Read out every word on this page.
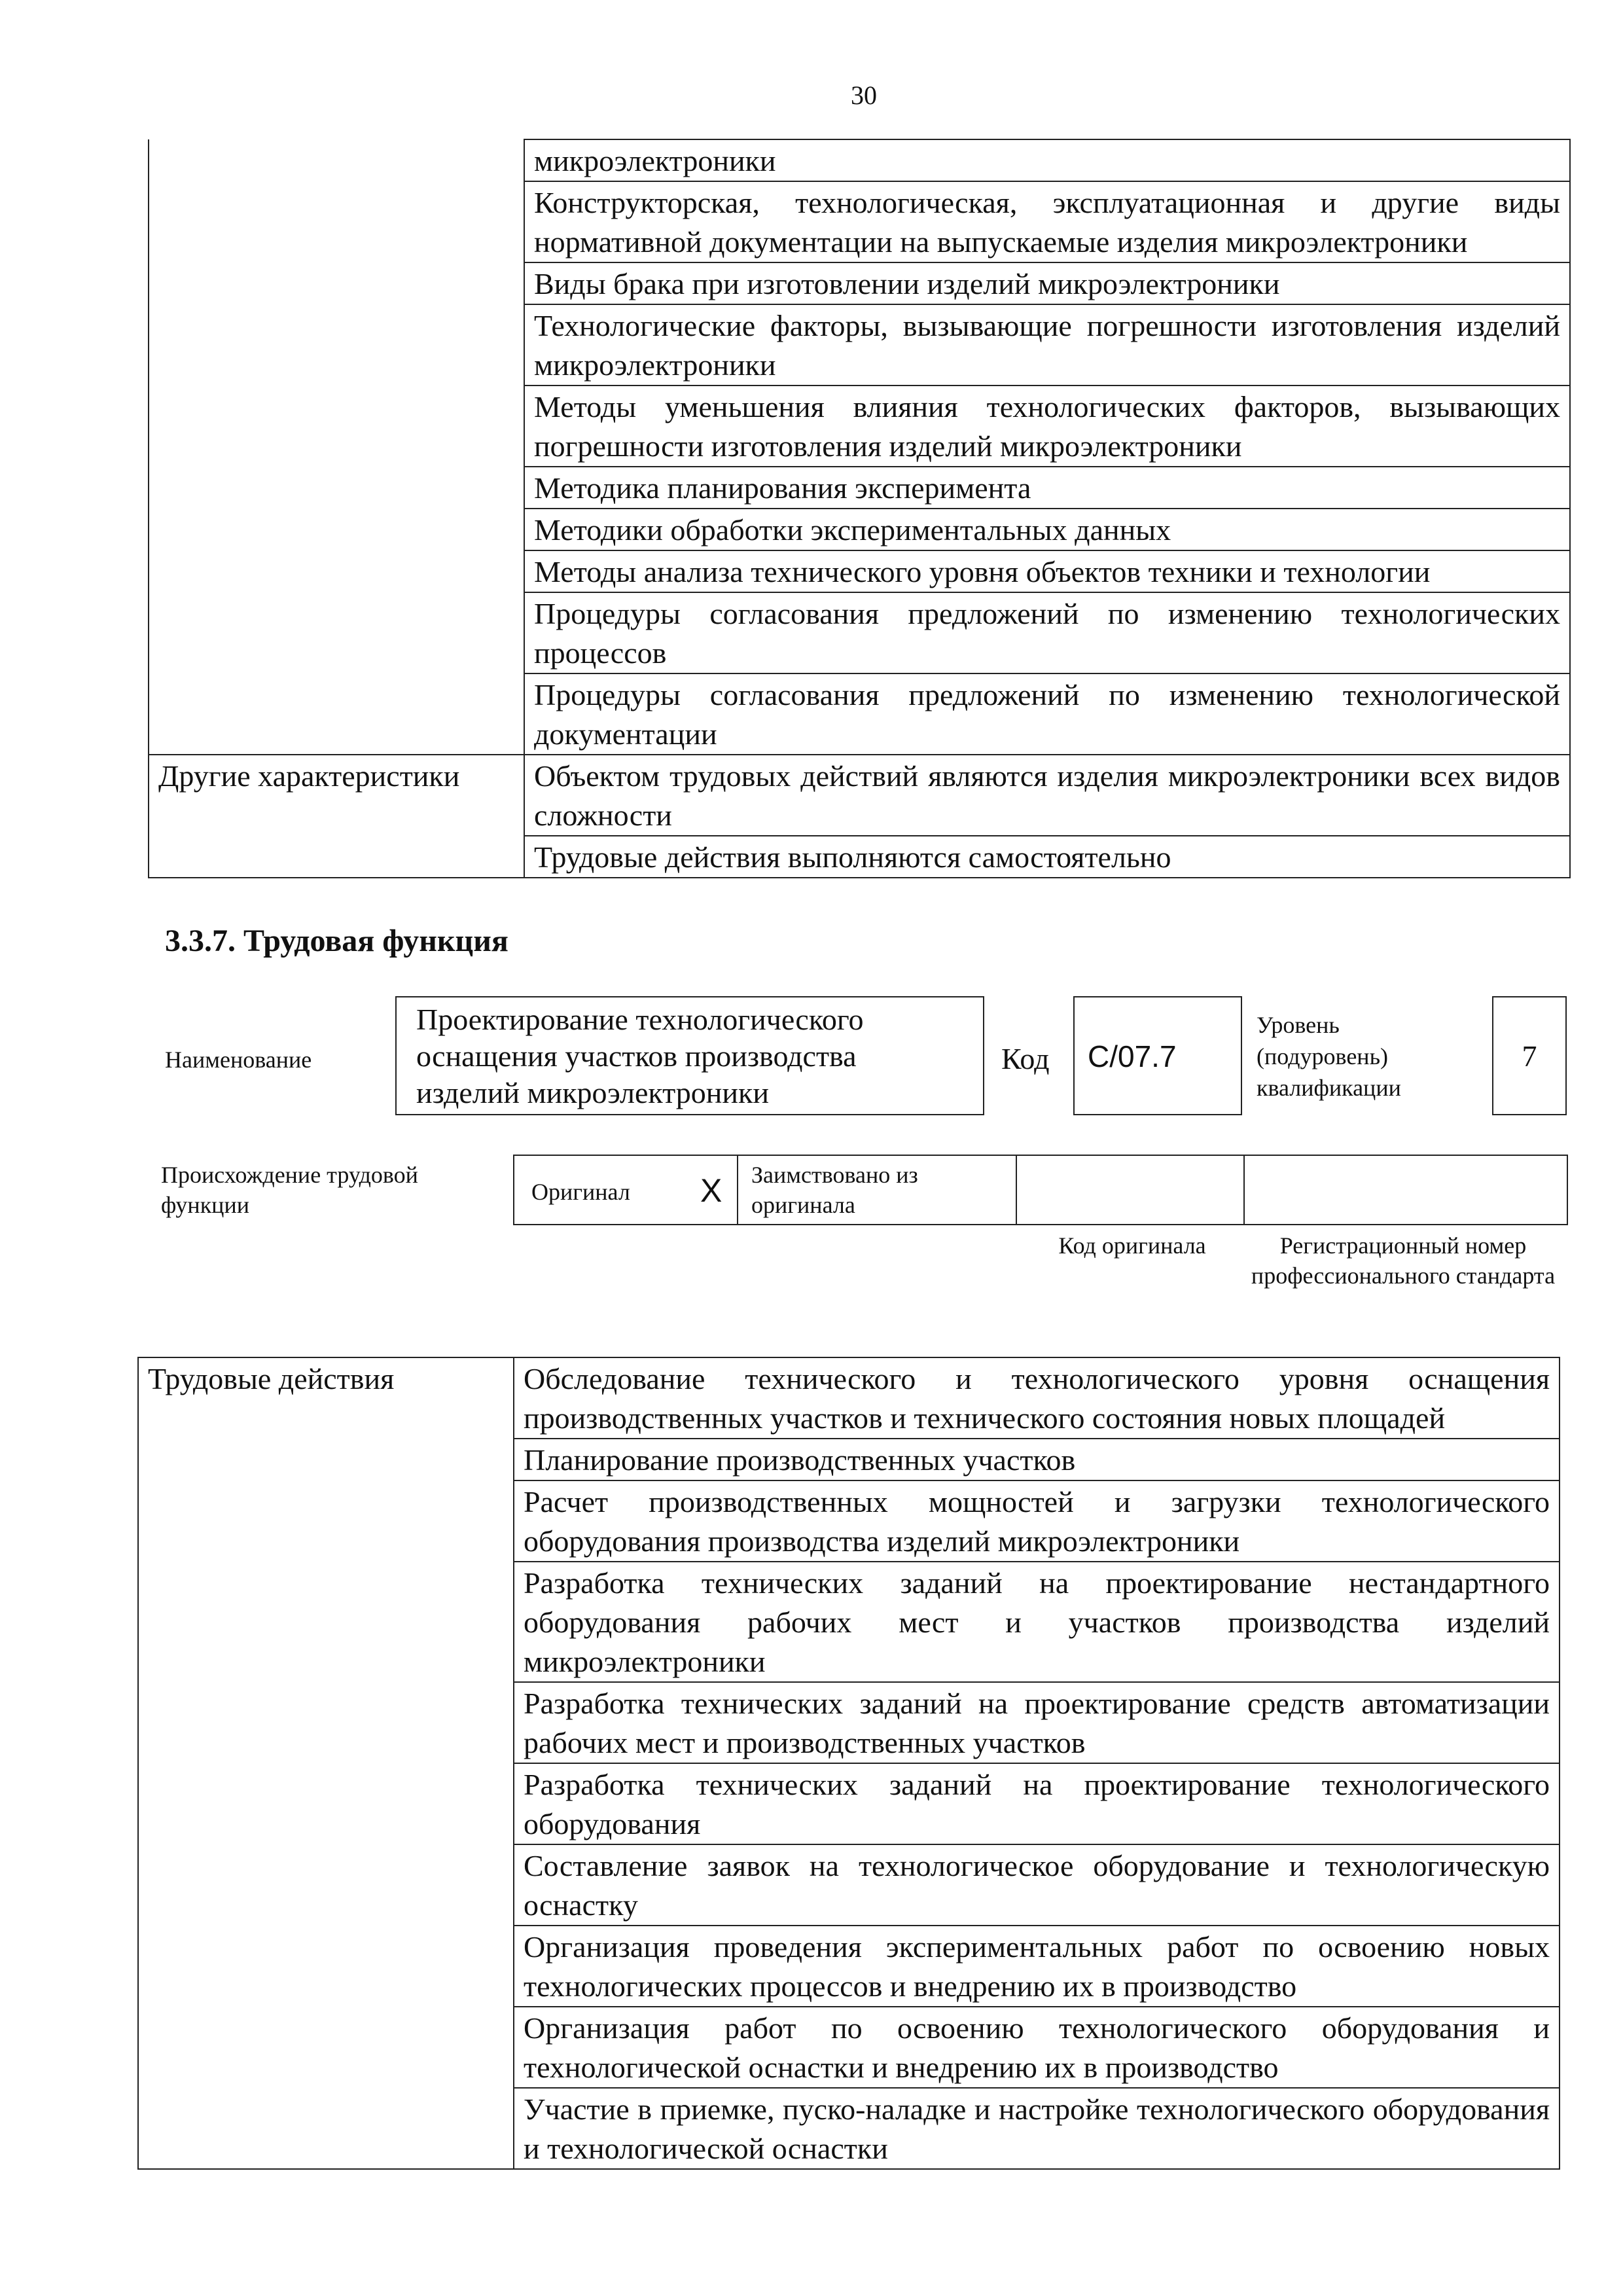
30
	микроэлектроники
	Конструкторская, технологическая, эксплуатационная и другие виды нормативной документации на выпускаемые изделия микроэлектроники
	Виды брака при изготовлении изделий микроэлектроники
	Технологические факторы, вызывающие погрешности изготовления изделий микроэлектроники
	Методы уменьшения влияния технологических факторов, вызывающих погрешности изготовления изделий микроэлектроники
	Методика планирования эксперимента
	Методики обработки экспериментальных данных
	Методы анализа технического уровня объектов техники и технологии
	Процедуры согласования предложений по изменению технологических процессов
	Процедуры согласования предложений по изменению технологической документации
Другие характеристики	Объектом трудовых действий являются изделия микроэлектроники всех видов сложности
	Трудовые действия выполняются самостоятельно
3.3.7. Трудовая функция
Наименование
Проектирование технологического оснащения участков производства изделий микроэлектроники
Код	C/07.7
Уровень (подуровень) квалификации
7
Происхождение трудовой функции	Оригинал X Заимствовано из оригинала
Код оригинала	Регистрационный номер профессионального стандарта
Трудовые действия	Обследование технического и технологического уровня оснащения производственных участков и технического состояния новых площадей
Планирование производственных участков
Расчет производственных мощностей и загрузки технологического оборудования производства изделий микроэлектроники
Разработка технических заданий на проектирование нестандартного оборудования рабочих мест и участков производства изделий микроэлектроники
Разработка технических заданий на проектирование средств автоматизации рабочих мест и производственных участков
Разработка технических заданий на проектирование технологического оборудования
Составление заявок на технологическое оборудование и технологическую оснастку
Организация проведения экспериментальных работ по освоению новых технологических процессов и внедрению их в производство
Организация работ по освоению технологического оборудования и технологической оснастки и внедрению их в производство
Участие в приемке, пуско-наладке и настройке технологического оборудования и технологической оснастки
